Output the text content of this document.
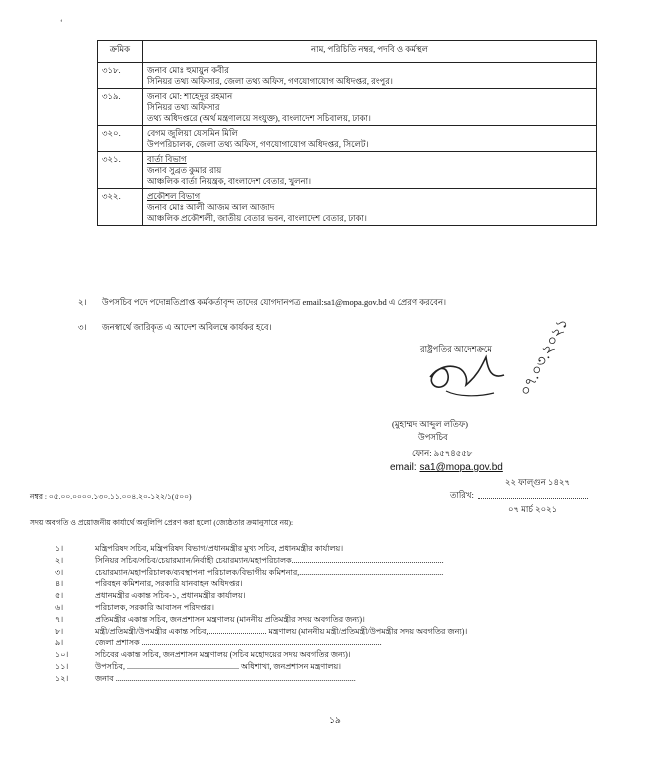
ʻ
ক্রমিক	নাম, পরিচিতি নম্বর, পদবি ও কর্মস্থল
৩১৮.	জনাব মোঃ হুমায়ুন কবীর
সিনিয়র তথ্য অফিসার, জেলা তথ্য অফিস, গণযোগাযোগ অধিদপ্তর, রংপুর।

৩১৯.	জনাব মো: শাহেদুর রহমান
সিনিয়র তথ্য অফিসার
তথ্য অধিদপ্তরে (অর্থ মন্ত্রণালয়ে সংযুক্ত), বাংলাদেশ সচিবালয়, ঢাকা।

৩২০.	বেগম জুলিয়া যেসমিন মিলি
উপপরিচালক, জেলা তথ্য অফিস, গণযোগাযোগ অধিদপ্তর, সিলেট।

৩২১.	বার্তা বিভাগ
জনাব সুব্রত কুমার রায়
আঞ্চলিক বার্তা নিয়ন্ত্রক, বাংলাদেশ বেতার, খুলনা।

৩২২.	প্রকৌশল বিভাগ
জনাব মোঃ আলী আজম আল আজাদ
আঞ্চলিক প্রকৌশলী, জাতীয় বেতার ভবন, বাংলাদেশ বেতার, ঢাকা।
২। উপসচিব পদে পদোন্নতিপ্রাপ্ত কর্মকর্তাবৃন্দ তাদের যোগদানপত্র email:sa1@mopa.gov.bd এ প্রেরণ করবেন।
৩। জনস্বার্থে জারিকৃত এ আদেশ অবিলম্বে কার্যকর হবে।
রাষ্ট্রপতির আদেশক্রমে ০৭.০৩.২০২১
(মুহাম্মদ আব্দুল লতিফ)
উপসচিব
ফোন: ৯৫৭৪৫৫৮
email: sa1@mopa.gov.bd
২২ ফাল্গুন ১৪২৭
নম্বর : ০৫.০০.০০০০.১৩০.১১.০০৪.২০-১২২/১(৫০০)	তারিখ:
০৭ মার্চ ২০২১
সদয় অবগতি ও প্রয়োজনীয় কার্যার্থে অনুলিপি প্রেরণ করা হলো (জ্যেষ্ঠতার ক্রমানুসারে নয়):
১।	মন্ত্রিপরিষদ সচিব, মন্ত্রিপরিষদ বিভাগ/প্রধানমন্ত্রীর মুখ্য সচিব, প্রধানমন্ত্রীর কার্যালয়।
২।	সিনিয়র সচিব/সচিব/চেয়ারম্যান/নির্বাহী চেয়ারম্যান/মহাপরিচালক............................................................................
৩।	চেয়ারম্যান/মহাপরিচালক/ব্যবস্থাপনা পরিচালক/বিভাগীয় কমিশনার,........................................................................
৪।	পরিবহন কমিশনার, সরকারি যানবাহন অধিদপ্তর।
৫।	প্রধানমন্ত্রীর একান্ত সচিব-১, প্রধানমন্ত্রীর কার্যালয়।
৬।	পরিচালক, সরকারি আবাসন পরিদপ্তর।
৭।	প্রতিমন্ত্রীর একান্ত সচিব, জনপ্রশাসন মন্ত্রণালয় (মাননীয় প্রতিমন্ত্রীর সদয় অবগতির জন্য)।
৮।	মন্ত্রী/প্রতিমন্ত্রী/উপমন্ত্রীর একান্ত সচিব,............................. মন্ত্রণালয় (মাননীয় মন্ত্রী/প্রতিমন্ত্রী/উপমন্ত্রীর সদয় অবগতির জন্য)।
৯।	জেলা প্রশাসক ........................................................................................................................
১০।	সচিবের একান্ত সচিব, জনপ্রশাসন মন্ত্রণালয় (সচিব মহোদয়ের সদয় অবগতির জন্য)।
১১।	উপসচিব, ........................................................ অধিশাখা, জনপ্রশাসন মন্ত্রণালয়।
১২।	জনাব ........................................................................................................................
১৯
